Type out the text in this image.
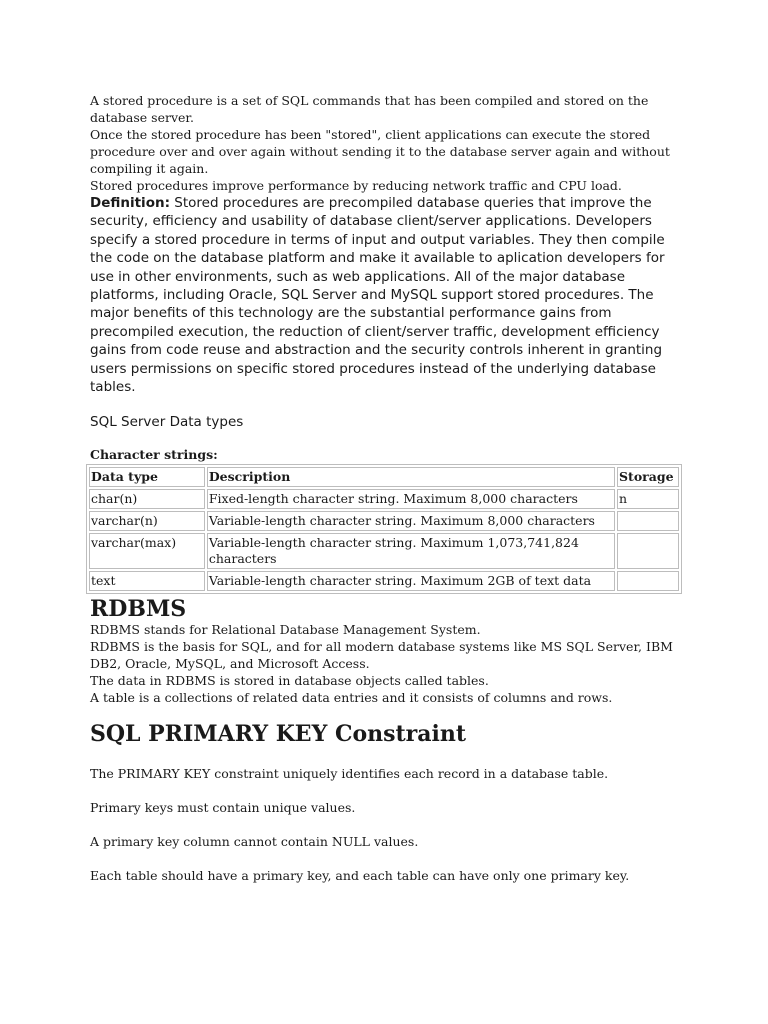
A stored procedure is a set of SQL commands that has been compiled and stored on the database server.

Once the stored procedure has been "stored", client applications can execute the stored procedure over and over again without sending it to the database server again and without compiling it again.

Stored procedures improve performance by reducing network traffic and CPU load.

Definition: Stored procedures are precompiled database queries that improve the security, efficiency and usability of database client/server applications. Developers specify a stored procedure in terms of input and output variables. They then compile the code on the database platform and make it available to aplication developers for use in other environments, such as web applications. All of the major database platforms, including Oracle, SQL Server and MySQL support stored procedures. The major benefits of this technology are the substantial performance gains from precompiled execution, the reduction of client/server traffic, development efficiency gains from code reuse and abstraction and the security controls inherent in granting users permissions on specific stored procedures instead of the underlying database tables.

SQL Server Data types

Character strings:

Data type	Description	Storage
char(n)	Fixed-length character string. Maximum 8,000 characters	n
varchar(n)	Variable-length character string. Maximum 8,000 characters	
varchar(max)	Variable-length character string. Maximum 1,073,741,824 characters	
text	Variable-length character string. Maximum 2GB of text data	
RDBMS

RDBMS stands for Relational Database Management System.

RDBMS is the basis for SQL, and for all modern database systems like MS SQL Server, IBM DB2, Oracle, MySQL, and Microsoft Access.

The data in RDBMS is stored in database objects called tables.

A table is a collections of related data entries and it consists of columns and rows.

SQL PRIMARY KEY Constraint

The PRIMARY KEY constraint uniquely identifies each record in a database table.

Primary keys must contain unique values.

A primary key column cannot contain NULL values.

Each table should have a primary key, and each table can have only one primary key.
